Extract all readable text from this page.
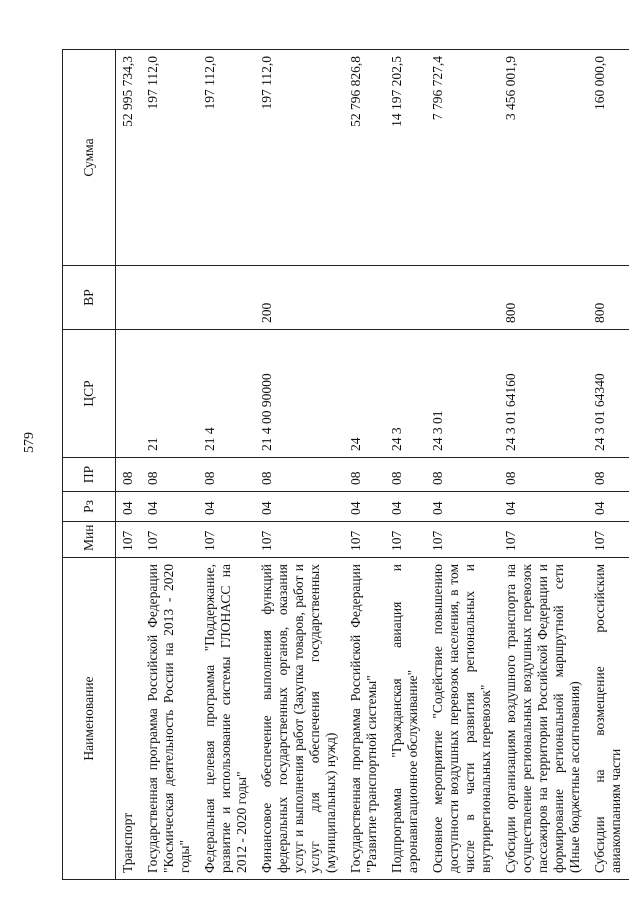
579
Наименование	Мин	Рз	ПР	ЦСР	ВР	Сумма
Транспорт	107	04	08			52 995 734,3
Государственная программа Российской Федерации "Космическая деятельность России на 2013 - 2020 годы"	107	04	08	21		197 112,0
Федеральная целевая программа "Поддержание, развитие и использование системы ГЛОНАСС на 2012 - 2020 годы"	107	04	08	21 4		197 112,0
Финансовое обеспечение выполнения функций федеральных государственных органов, оказания услуг и выполнения работ (Закупка товаров, работ и услуг для обеспечения государственных (муниципальных) нужд)	107	04	08	21 4 00 90000	200	197 112,0
Государственная программа Российской Федерации "Развитие транспортной системы"	107	04	08	24		52 796 826,8
Подпрограмма "Гражданская авиация и аэронавигационное обслуживание"	107	04	08	24 3		14 197 202,5
Основное мероприятие "Содействие повышению доступности воздушных перевозок населения, в том числе в части развития региональных и внутрирегиональных перевозок"	107	04	08	24 3 01		7 796 727,4
Субсидии организациям воздушного транспорта на осуществление региональных воздушных перевозок пассажиров на территории Российской Федерации и формирование региональной маршрутной сети (Иные бюджетные ассигнования)	107	04	08	24 3 01 64160	800	3 456 001,9
Субсидии на возмещение российским авиакомпаниям части	107	04	08	24 3 01 64340	800	160 000,0
